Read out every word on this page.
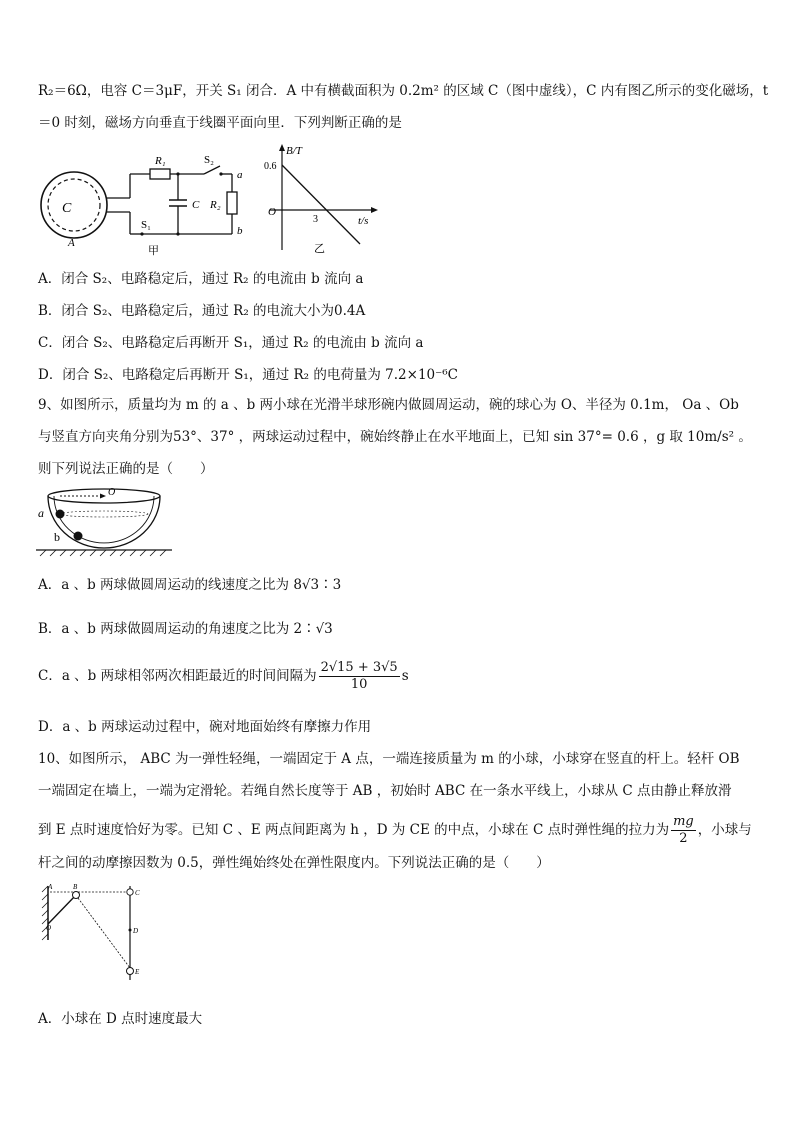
R₂＝6Ω，电容 C＝3μF，开关 S₁ 闭合．A 中有横截面积为 0.2m² 的区域 C（图中虚线），C 内有图乙所示的变化磁场，t
＝0 时刻，磁场方向垂直于线圈平面向里．下列判断正确的是
C
A
R₁	S₂
a
R₂
b
C
S₁
甲
B/T
0.6
O
3	t/s
乙
A．闭合 S₂、电路稳定后，通过 R₂ 的电流由 b 流向 a
B．闭合 S₂、电路稳定后，通过 R₂ 的电流大小为0.4A
C．闭合 S₂、电路稳定后再断开 S₁，通过 R₂ 的电流由 b 流向 a
D．闭合 S₂、电路稳定后再断开 S₁，通过 R₂ 的电荷量为 7.2×10⁻⁶C
9、如图所示，质量均为 m 的 a 、b 两小球在光滑半球形碗内做圆周运动，碗的球心为 O、半径为 0.1m， Oa 、Ob
与竖直方向夹角分别为53°、37° ，两球运动过程中，碗始终静止在水平地面上，已知 sin 37°= 0.6 ，g 取 10m/s² 。
则下列说法正确的是（　　）
O
a
b
A．a 、b 两球做圆周运动的线速度之比为 8√3∶3
B．a 、b 两球做圆周运动的角速度之比为 2∶√3
C．a 、b 两球相邻两次相距最近的时间间隔为 $\frac{2√15 + 3√5}{10}$ s
D．a 、b 两球运动过程中，碗对地面始终有摩擦力作用
10、如图所示， ABC 为一弹性轻绳，一端固定于 A 点，一端连接质量为 m 的小球，小球穿在竖直的杆上。轻杆 OB
一端固定在墙上，一端为定滑轮。若绳自然长度等于 AB ，初始时 ABC 在一条水平线上，小球从 C 点由静止释放滑
到 E 点时速度恰好为零。已知 C 、E 两点间距离为 h ，D 为 CE 的中点，小球在 C 点时弹性绳的拉力为 $\frac{mg}{2}$ ，小球与
杆之间的动摩擦因数为 0.5，弹性绳始终处在弹性限度内。下列说法正确的是（　　）
A	B
O
C
D
E
A．小球在 D 点时速度最大
